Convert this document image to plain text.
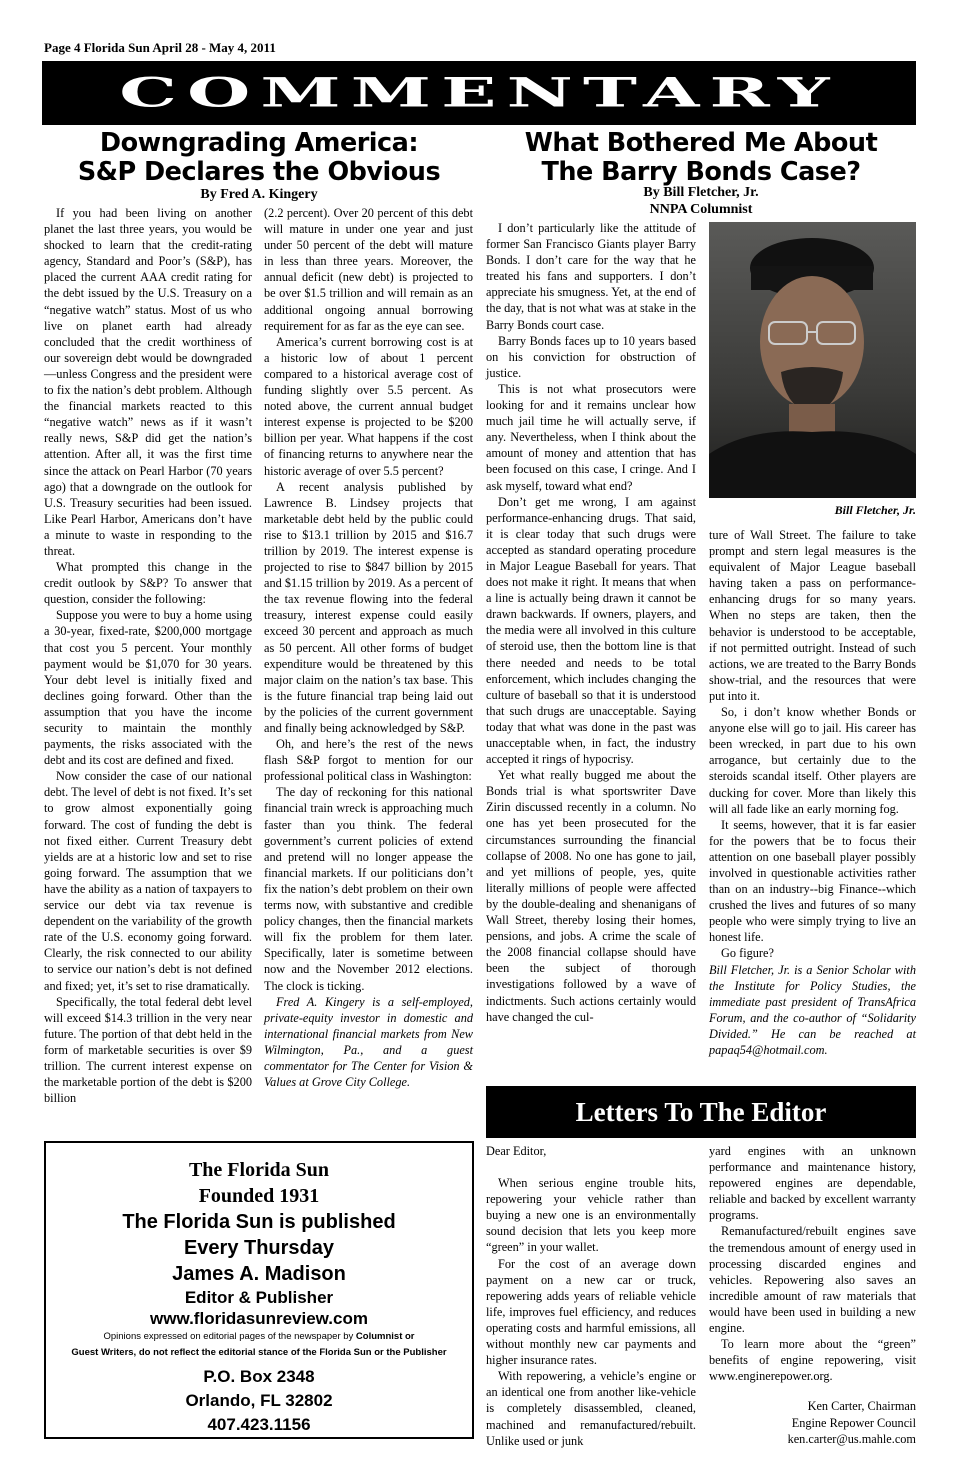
Page 4 Florida Sun April 28 - May 4, 2011
COMMENTARY
Downgrading America:
S&P Declares the Obvious
By Fred A. Kingery

If you had been living on another planet the last three years, you would be shocked to learn that the credit-rating agency, Standard and Poor’s (S&P), has placed the current AAA credit rating for the debt issued by the U.S. Treasury on a “negative watch” status. Most of us who live on planet earth had already concluded that the credit worthiness of our sovereign debt would be downgraded—unless Congress and the president were to fix the nation’s debt problem. Although the financial markets reacted to this “negative watch” news as if it wasn’t really news, S&P did get the nation’s attention. After all, it was the first time since the attack on Pearl Harbor (70 years ago) that a downgrade on the outlook for U.S. Treasury securities had been issued. Like Pearl Harbor, Americans don’t have a minute to waste in responding to the threat.

What prompted this change in the credit outlook by S&P? To answer that question, consider the following:

Suppose you were to buy a home using a 30-year, fixed-rate, $200,000 mortgage that cost you 5 percent. Your monthly payment would be $1,070 for 30 years. Your debt level is initially fixed and declines going forward. Other than the assumption that you have the income security to maintain the monthly payments, the risks associated with the debt and its cost are defined and fixed.

Now consider the case of our national debt. The level of debt is not fixed. It’s set to grow almost exponentially going forward. The cost of funding the debt is not fixed either. Current Treasury debt yields are at a historic low and set to rise going forward. The assumption that we have the ability as a nation of taxpayers to service our debt via tax revenue is dependent on the variability of the growth rate of the U.S. economy going forward. Clearly, the risk connected to our ability to service our nation’s debt is not defined and fixed; yet, it’s set to rise dramatically.

Specifically, the total federal debt level will exceed $14.3 trillion in the very near future. The portion of that debt held in the form of marketable securities is over $9 trillion. The current interest expense on the marketable portion of the debt is $200 billion

(2.2 percent). Over 20 percent of this debt will mature in under one year and just under 50 percent of the debt will mature in less than three years. Moreover, the annual deficit (new debt) is projected to be over $1.5 trillion and will remain as an additional ongoing annual borrowing requirement for as far as the eye can see.

America’s current borrowing cost is at a historic low of about 1 percent compared to a historical average cost of funding slightly over 5.5 percent. As noted above, the current annual budget interest expense is projected to be $200 billion per year. What happens if the cost of financing returns to anywhere near the historic average of over 5.5 percent?

A recent analysis published by Lawrence B. Lindsey projects that marketable debt held by the public could rise to $13.1 trillion by 2015 and $16.7 trillion by 2019. The interest expense is projected to rise to $847 billion by 2015 and $1.15 trillion by 2019. As a percent of the tax revenue flowing into the federal treasury, interest expense could easily exceed 30 percent and approach as much as 50 percent. All other forms of budget expenditure would be threatened by this major claim on the nation’s tax base. This is the future financial trap being laid out by the policies of the current government and finally being acknowledged by S&P.

Oh, and here’s the rest of the news flash S&P forgot to mention for our professional political class in Washington:

The day of reckoning for this national financial train wreck is approaching much faster than you think. The federal government’s current policies of extend and pretend will no longer appease the financial markets. If our politicians don’t fix the nation’s debt problem on their own terms now, with substantive and credible policy changes, then the financial markets will fix the problem for them later. Specifically, later is sometime between now and the November 2012 elections. The clock is ticking.

Fred A. Kingery is a self-employed, private-equity investor in domestic and international financial markets from New Wilmington, Pa., and a guest commentator for The Center for Vision & Values at Grove City College.

What Bothered Me About
The Barry Bonds Case?
By Bill Fletcher, Jr.
NNPA Columnist

I don’t particularly like the attitude of former San Francisco Giants player Barry Bonds. I don’t care for the way that he treated his fans and supporters. I don’t appreciate his smugness. Yet, at the end of the day, that is not what was at stake in the Barry Bonds court case.

Barry Bonds faces up to 10 years based on his conviction for obstruction of justice.

This is not what prosecutors were looking for and it remains unclear how much jail time he will actually serve, if any. Nevertheless, when I think about the amount of money and attention that has been focused on this case, I cringe. And I ask myself, toward what end?

Don’t get me wrong, I am against performance-enhancing drugs. That said, it is clear today that such drugs were accepted as standard operating procedure in Major League Baseball for years. That does not make it right. It means that when a line is actually being drawn it cannot be drawn backwards. If owners, players, and the media were all involved in this culture of steroid use, then the bottom line is that there needed and needs to be total enforcement, which includes changing the culture of baseball so that it is understood that such drugs are unacceptable. Saying today that what was done in the past was unacceptable when, in fact, the industry accepted it rings of hypocrisy.

Yet what really bugged me about the Bonds trial is what sportswriter Dave Zirin discussed recently in a column. No one has yet been prosecuted for the circumstances surrounding the financial collapse of 2008. No one has gone to jail, and yet millions of people, yes, quite literally millions of people were affected by the double-dealing and shenanigans of Wall Street, thereby losing their homes, pensions, and jobs. A crime the scale of the 2008 financial collapse should have been the subject of thorough investigations followed by a wave of indictments. Such actions certainly would have changed the cul-

Bill Fletcher, Jr.

ture of Wall Street. The failure to take prompt and stern legal measures is the equivalent of Major League baseball having taken a pass on performance-enhancing drugs for so many years. When no steps are taken, then the behavior is understood to be acceptable, if not permitted outright. Instead of such actions, we are treated to the Barry Bonds show-trial, and the resources that were put into it.

So, i don’t know whether Bonds or anyone else will go to jail. His career has been wrecked, in part due to his own arrogance, but certainly due to the steroids scandal itself. Other players are ducking for cover. More than likely this will all fade like an early morning fog.

It seems, however, that it is far easier for the powers that be to focus their attention on one baseball player possibly involved in questionable activities rather than on an industry--big Finance--which crushed the lives and futures of so many people who were simply trying to live an honest life.

Go figure?

Bill Fletcher, Jr. is a Senior Scholar with the Institute for Policy Studies, the immediate past president of TransAfrica Forum, and the co-author of “Solidarity Divided.” He can be reached at papaq54@hotmail.com.

Letters To The Editor

Dear Editor,

When serious engine trouble hits, repowering your vehicle rather than buying a new one is an environmentally sound decision that lets you keep more “green” in your wallet.

For the cost of an average down payment on a new car or truck, repowering adds years of reliable vehicle life, improves fuel efficiency, and reduces operating costs and harmful emissions, all without monthly new car payments and higher insurance rates.

With repowering, a vehicle’s engine or an identical one from another like-vehicle is completely disassembled, cleaned, machined and remanufactured/rebuilt. Unlike used or junk

yard engines with an unknown performance and maintenance history, repowered engines are dependable, reliable and backed by excellent warranty programs.

Remanufactured/rebuilt engines save the tremendous amount of energy used in processing discarded engines and vehicles. Repowering also saves an incredible amount of raw materials that would have been used in building a new engine.

To learn more about the “green” benefits of engine repowering, visit www.enginerepower.org.

Ken Carter, Chairman
Engine Repower Council
ken.carter@us.mahle.com
The Florida Sun
Founded 1931
The Florida Sun is published
Every Thursday
James A. Madison
Editor & Publisher
www.floridasunreview.com
Opinions expressed on editorial pages of the newspaper by Columnist or
Guest Writers, do not reflect the editorial stance of the Florida Sun or the Publisher
P.O. Box 2348
Orlando, FL 32802
407.423.1156
